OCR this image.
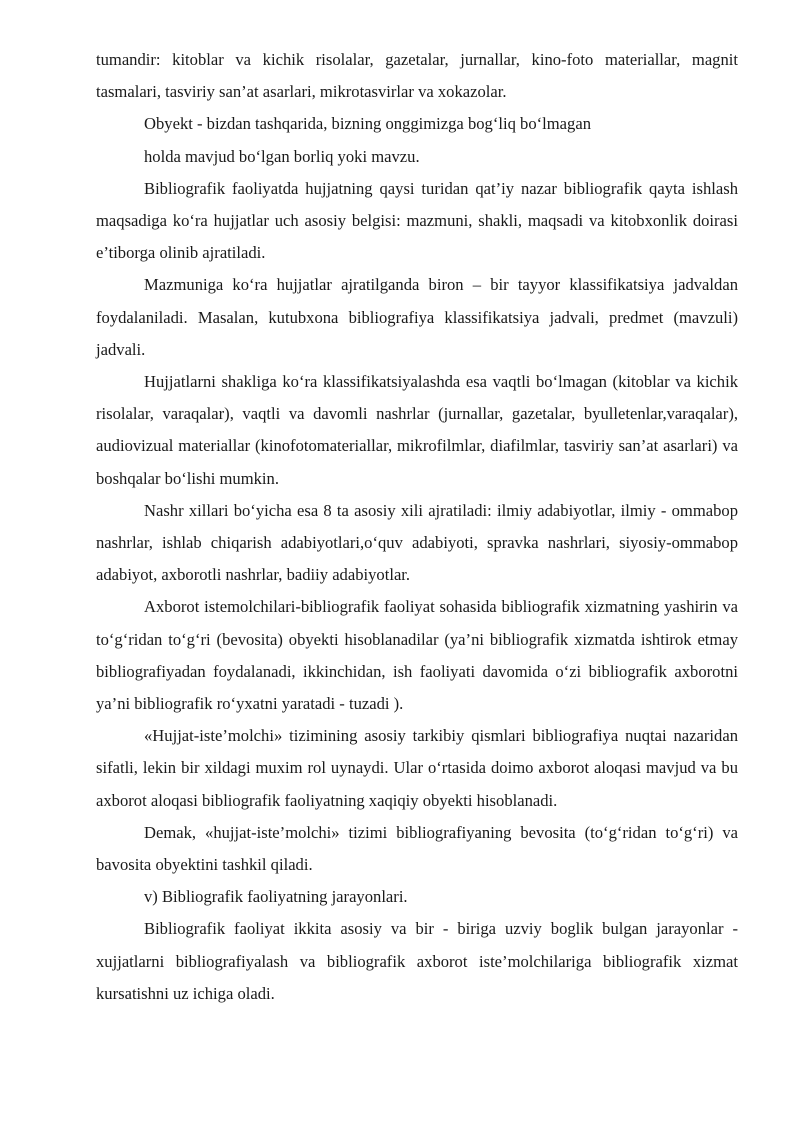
tumandir: kitoblar va kichik risolalar, gazetalar, jurnallar, kino-foto materiallar, magnit tasmalari, tasviriy san’at asarlari, mikrotasvirlar va xokazolar.

Obyekt - bizdan tashqarida, bizning onggimizga bog‘liq bo‘lmagan
holda mavjud bo‘lgan borliq yoki mavzu.

Bibliografik faoliyatda hujjatning qaysi turidan qat’iy nazar bibliografik qayta ishlash maqsadiga ko‘ra hujjatlar uch asosiy belgisi: mazmuni, shakli, maqsadi va kitobxonlik doirasi e’tiborga olinib ajratiladi.

Mazmuniga ko‘ra hujjatlar ajratilganda biron – bir tayyor klassifikatsiya jadvaldan foydalaniladi. Masalan, kutubxona bibliografiya klassifikatsiya jadvali, predmet (mavzuli) jadvali.

Hujjatlarni shakliga ko‘ra klassifikatsiyalashda esa vaqtli bo‘lmagan (kitoblar va kichik risolalar, varaqalar), vaqtli va davomli nashrlar (jurnallar, gazetalar, byulletenlar,varaqalar), audiovizual materiallar (kinofotomateriallar, mikrofilmlar, diafilmlar, tasviriy san’at asarlari) va boshqalar bo‘lishi mumkin.

Nashr xillari bo‘yicha esa 8 ta asosiy xili ajratiladi: ilmiy adabiyotlar, ilmiy - ommabop nashrlar, ishlab chiqarish adabiyotlari,o‘quv adabiyoti, spravka nashrlari, siyosiy-ommabop adabiyot, axborotli nashrlar, badiiy adabiyotlar.

Axborot istemolchilari-bibliografik faoliyat sohasida bibliografik xizmatning yashirin va to‘g‘ridan to‘g‘ri (bevosita) obyekti hisoblanadilar (ya’ni bibliografik xizmatda ishtirok etmay bibliografiyadan foydalanadi, ikkinchidan, ish faoliyati davomida o‘zi bibliografik axborotni ya’ni bibliografik ro‘yxatni yaratadi - tuzadi ).

«Hujjat-iste’molchi» tizimining asosiy tarkibiy qismlari bibliografiya nuqtai nazaridan sifatli, lekin bir xildagi muxim rol uynaydi. Ular o‘rtasida doimo axborot aloqasi mavjud va bu axborot aloqasi bibliografik faoliyatning xaqiqiy obyekti hisoblanadi.

Demak, «hujjat-iste’molchi» tizimi bibliografiyaning bevosita (to‘g‘ridan to‘g‘ri) va bavosita obyektini tashkil qiladi.

v) Bibliografik faoliyatning jarayonlari.

Bibliografik faoliyat ikkita asosiy va bir - biriga uzviy boglik bulgan jarayonlar - xujjatlarni bibliografiyalash va bibliografik axborot iste’molchilariga bibliografik xizmat kursatishni uz ichiga oladi.
